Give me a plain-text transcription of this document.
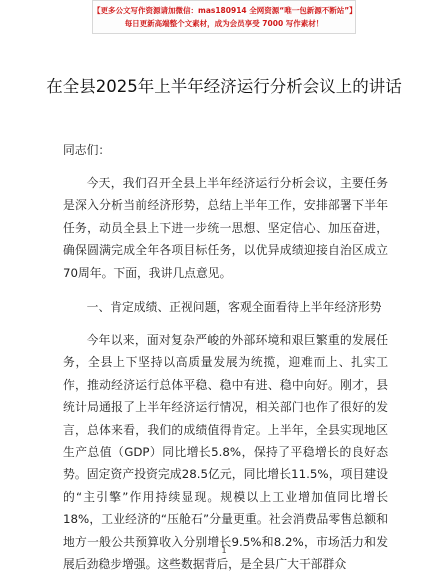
【更多公文写作资源请加微信：mas180914 全网资源“唯一包新源不断站”】
每日更新高端整个文素材，成为会员享受 7000 写作素材！
在全县2025年上半年经济运行分析会议上的讲话
同志们：
今天，我们召开全县上半年经济运行分析会议，主要任务是深入分析当前经济形势，总结上半年工作，安排部署下半年任务，动员全县上下进一步统一思想、坚定信心、加压奋进，确保圆满完成全年各项目标任务，以优异成绩迎接自治区成立70周年。下面，我讲几点意见。
一、肯定成绩、正视问题，客观全面看待上半年经济形势
今年以来，面对复杂严峻的外部环境和艰巨繁重的发展任务，全县上下坚持以高质量发展为统揽，迎难而上、扎实工作，推动经济运行总体平稳、稳中有进、稳中向好。刚才，县统计局通报了上半年经济运行情况，相关部门也作了很好的发言，总体来看，我们的成绩值得肯定。上半年，全县实现地区生产总值（GDP）同比增长5.8%，保持了平稳增长的良好态势。固定资产投资完成28.5亿元，同比增长11.5%，项目建设的“主引擎”作用持续显现。规模以上工业增加值同比增长18%，工业经济的“压舱石”分量更重。社会消费品零售总额和地方一般公共预算收入分别增长9.5%和8.2%，市场活力和发展后劲稳步增强。这些数据背后，是全县广大干部群众
1
